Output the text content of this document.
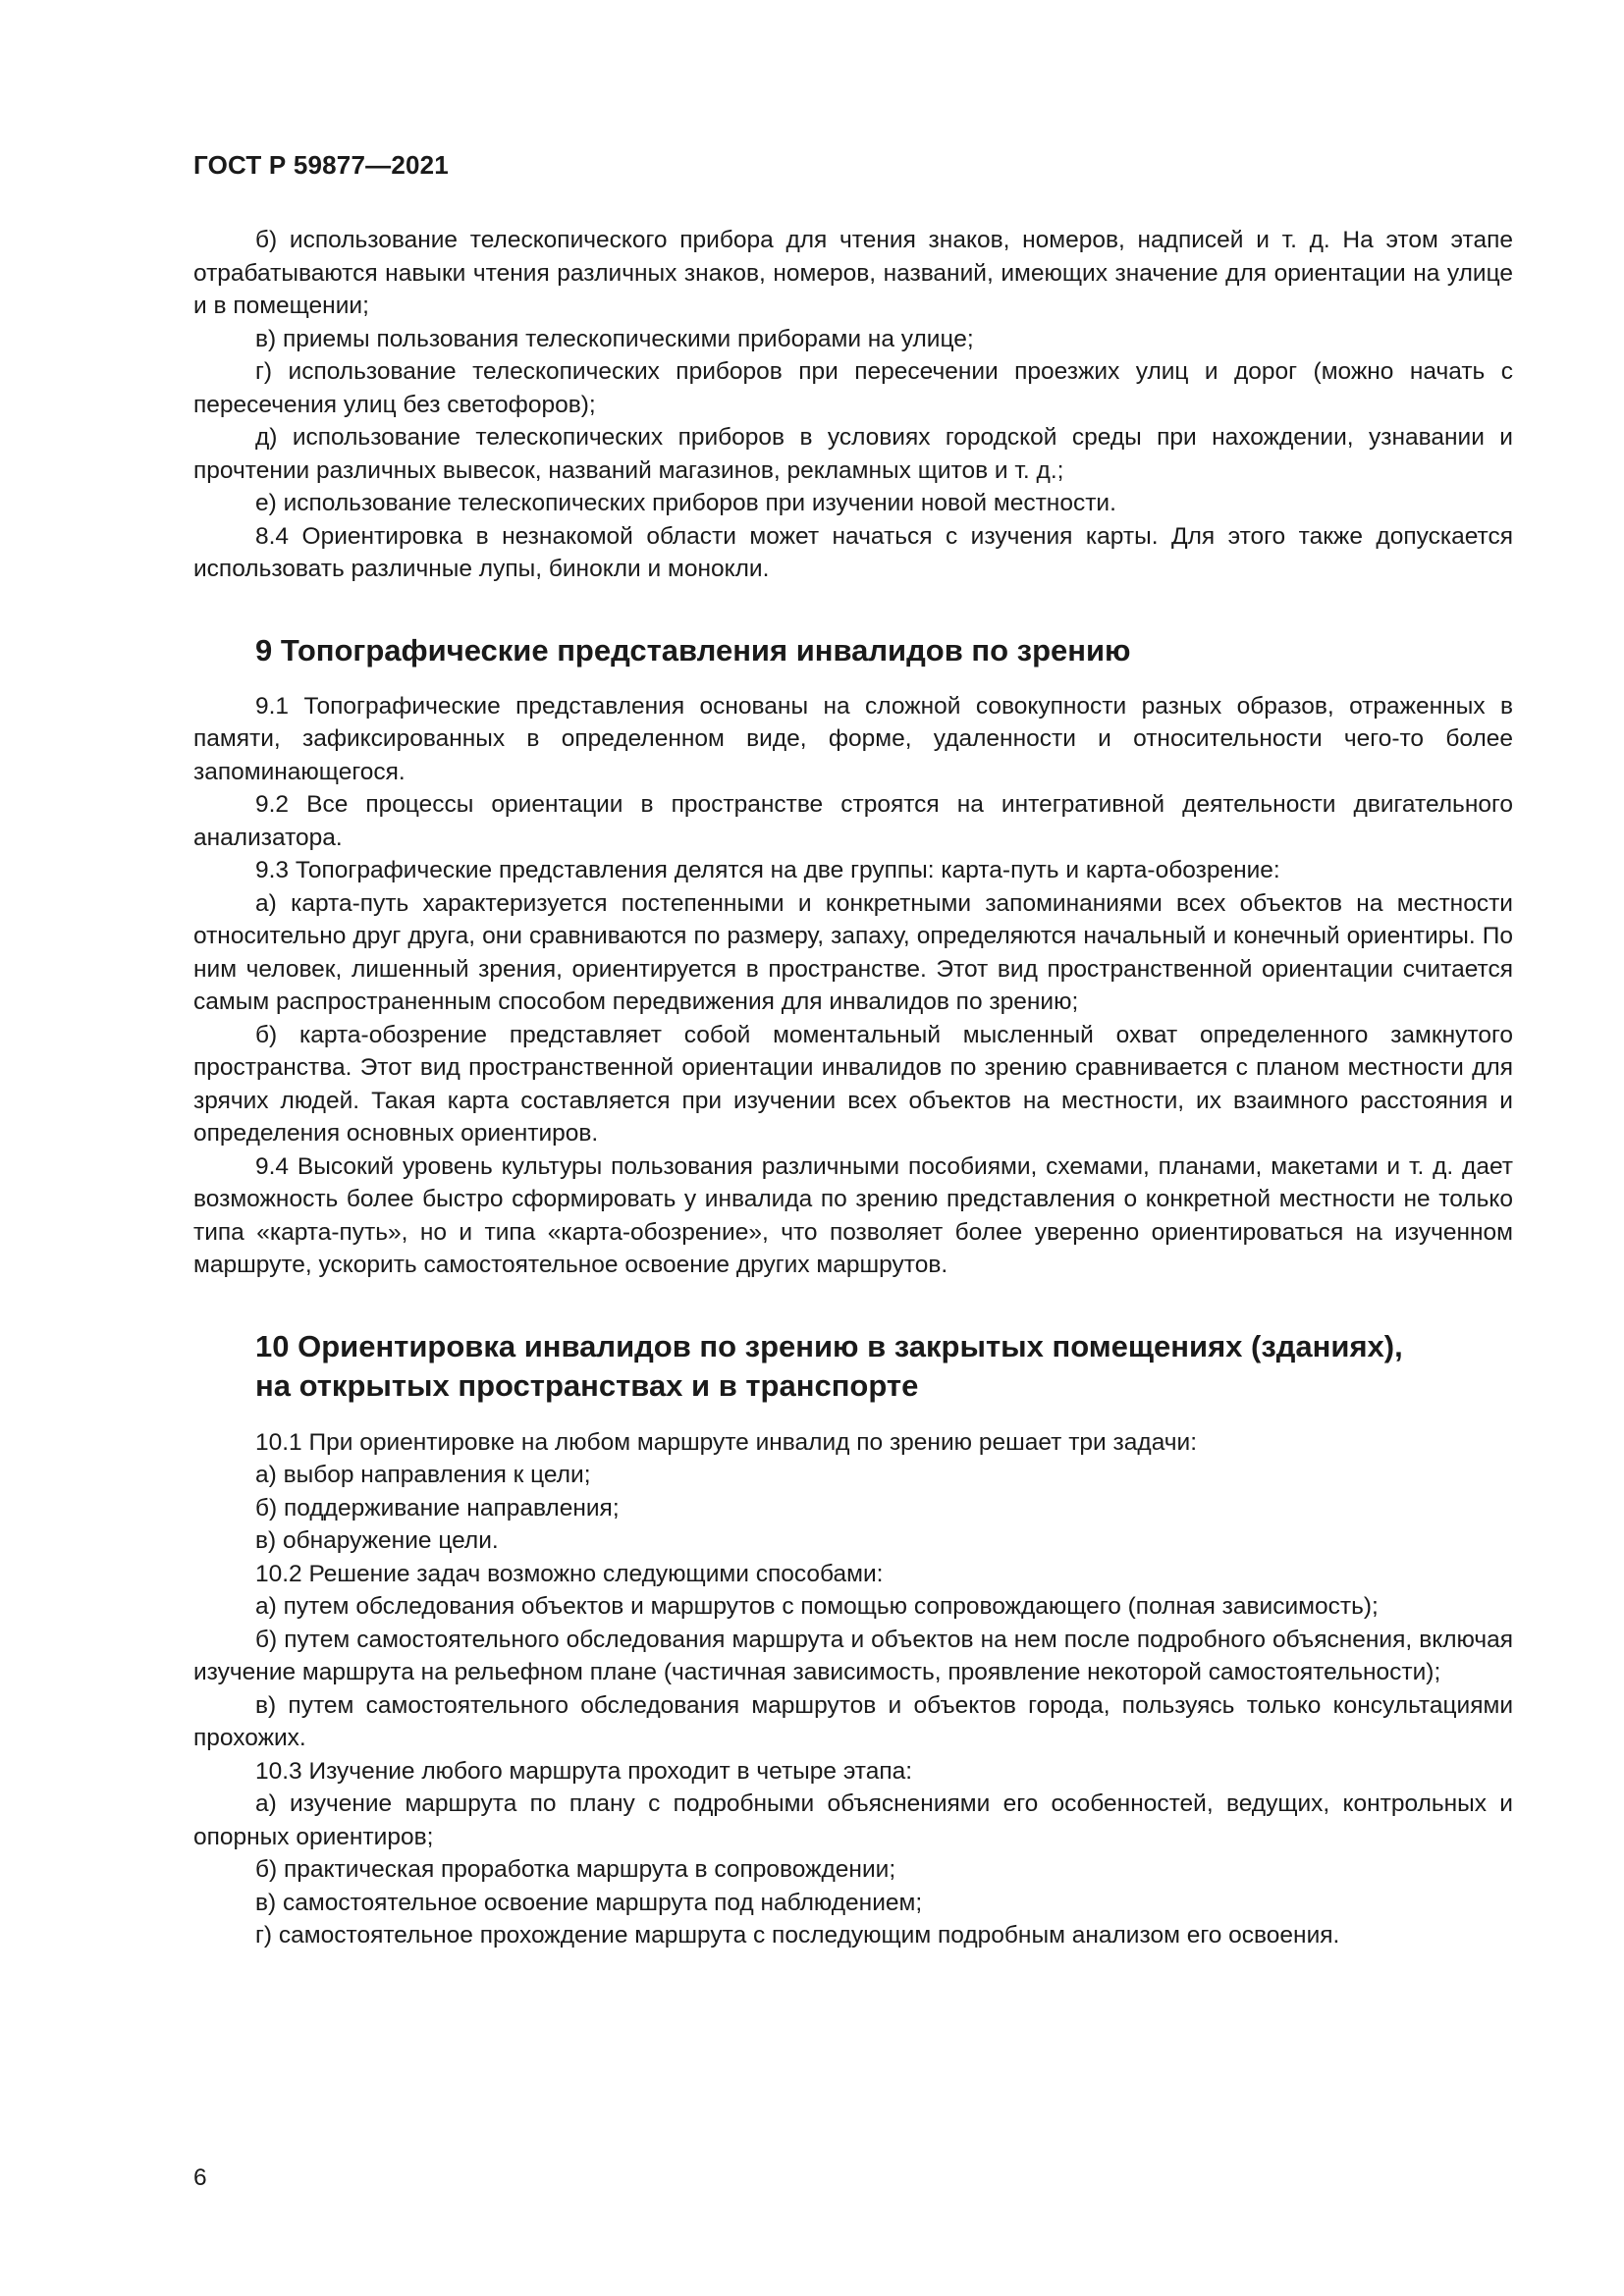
ГОСТ Р 59877—2021

б) использование телескопического прибора для чтения знаков, номеров, надписей и т. д. На этом этапе отрабатываются навыки чтения различных знаков, номеров, названий, имеющих значение для ориентации на улице и в помещении;

в) приемы пользования телескопическими приборами на улице;

г) использование телескопических приборов при пересечении проезжих улиц и дорог (можно начать с пересечения улиц без светофоров);

д) использование телескопических приборов в условиях городской среды при нахождении, узнавании и прочтении различных вывесок, названий магазинов, рекламных щитов и т. д.;

е) использование телескопических приборов при изучении новой местности.

8.4 Ориентировка в незнакомой области может начаться с изучения карты. Для этого также допускается использовать различные лупы, бинокли и монокли.

9 Топографические представления инвалидов по зрению

9.1 Топографические представления основаны на сложной совокупности разных образов, отраженных в памяти, зафиксированных в определенном виде, форме, удаленности и относительности чего-то более запоминающегося.

9.2 Все процессы ориентации в пространстве строятся на интегративной деятельности двигательного анализатора.

9.3 Топографические представления делятся на две группы: карта-путь и карта-обозрение:

а) карта-путь характеризуется постепенными и конкретными запоминаниями всех объектов на местности относительно друг друга, они сравниваются по размеру, запаху, определяются начальный и конечный ориентиры. По ним человек, лишенный зрения, ориентируется в пространстве. Этот вид пространственной ориентации считается самым распространенным способом передвижения для инвалидов по зрению;

б) карта-обозрение представляет собой моментальный мысленный охват определенного замкнутого пространства. Этот вид пространственной ориентации инвалидов по зрению сравнивается с планом местности для зрячих людей. Такая карта составляется при изучении всех объектов на местности, их взаимного расстояния и определения основных ориентиров.

9.4 Высокий уровень культуры пользования различными пособиями, схемами, планами, макетами и т. д. дает возможность более быстро сформировать у инвалида по зрению представления о конкретной местности не только типа «карта-путь», но и типа «карта-обозрение», что позволяет более уверенно ориентироваться на изученном маршруте, ускорить самостоятельное освоение других маршрутов.

10 Ориентировка инвалидов по зрению в закрытых помещениях (зданиях),
на открытых пространствах и в транспорте

10.1 При ориентировке на любом маршруте инвалид по зрению решает три задачи:

а) выбор направления к цели;

б) поддерживание направления;

в) обнаружение цели.

10.2 Решение задач возможно следующими способами:

а) путем обследования объектов и маршрутов с помощью сопровождающего (полная зависимость);

б) путем самостоятельного обследования маршрута и объектов на нем после подробного объяснения, включая изучение маршрута на рельефном плане (частичная зависимость, проявление некоторой самостоятельности);

в) путем самостоятельного обследования маршрутов и объектов города, пользуясь только консультациями прохожих.

10.3 Изучение любого маршрута проходит в четыре этапа:

а) изучение маршрута по плану с подробными объяснениями его особенностей, ведущих, контрольных и опорных ориентиров;

б) практическая проработка маршрута в сопровождении;

в) самостоятельное освоение маршрута под наблюдением;

г) самостоятельное прохождение маршрута с последующим подробным анализом его освоения.

6
